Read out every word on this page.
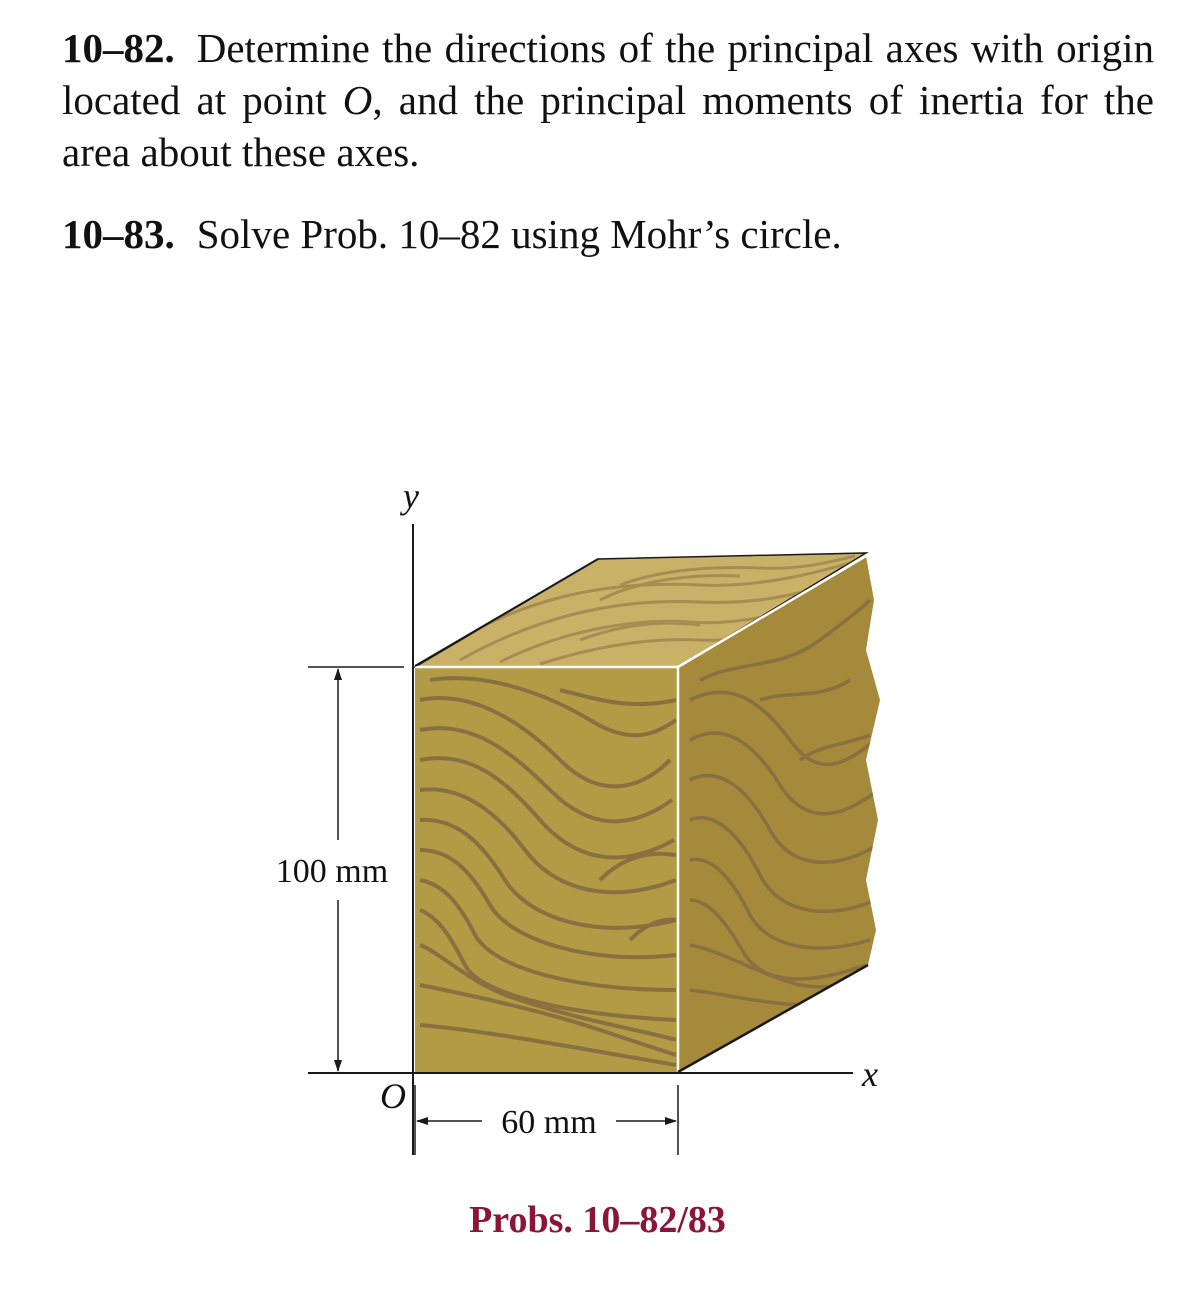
10–82. Determine the directions of the principal axes with origin located at point O, and the principal moments of inertia for the area about these axes.

10–83. Solve Prob. 10–82 using Mohr’s circle.

100 mm
60 mm
y
x
O
Probs. 10–82/83
